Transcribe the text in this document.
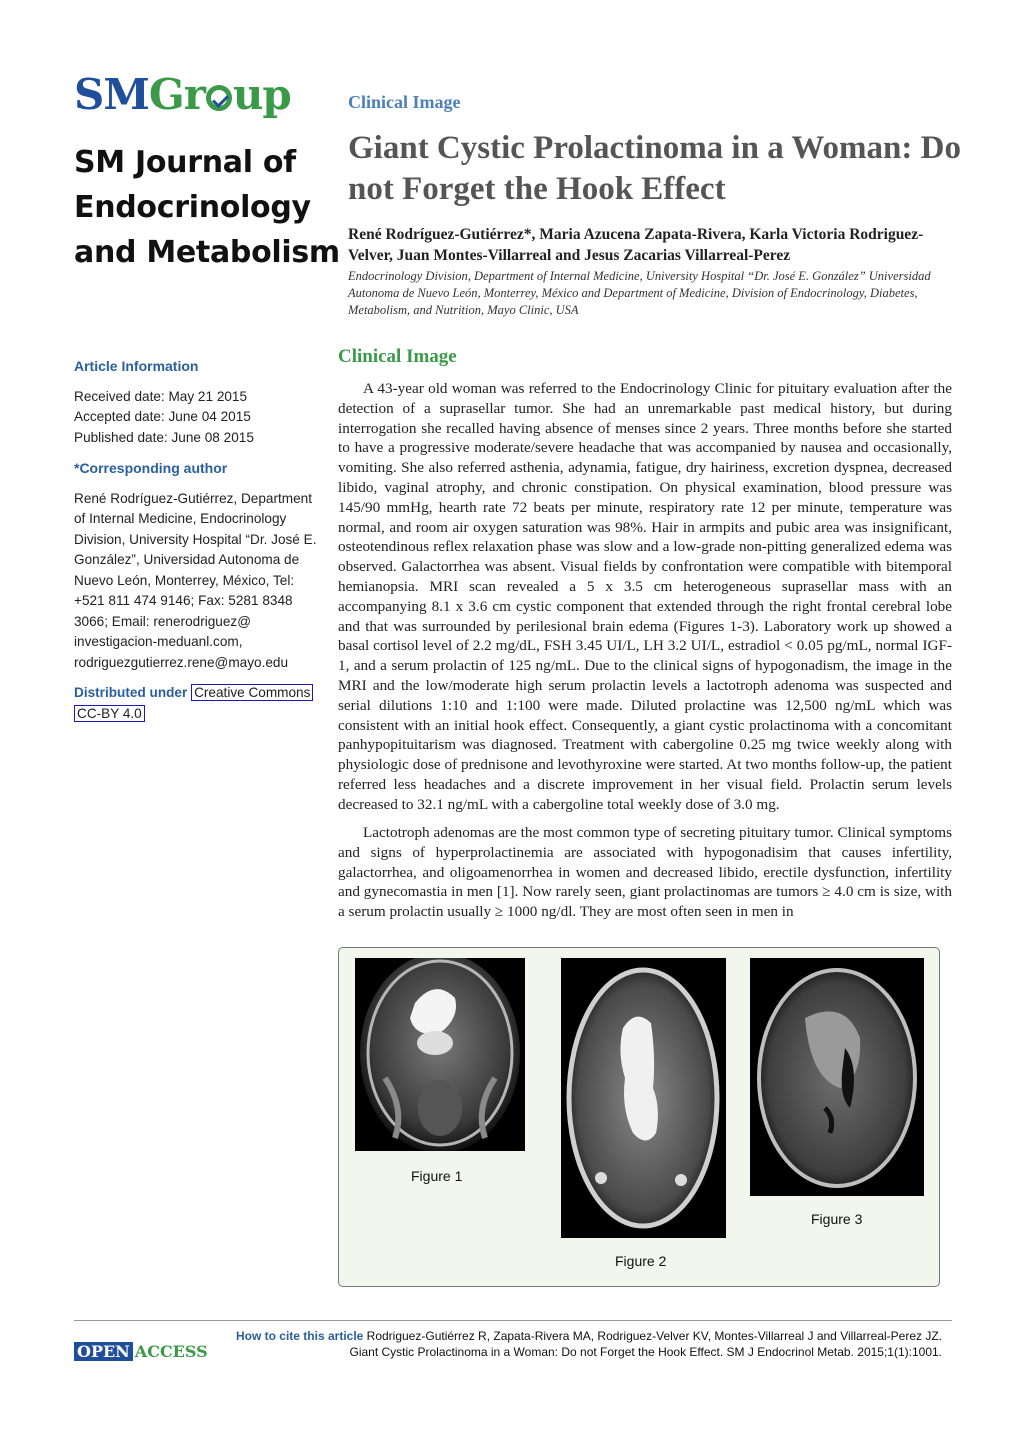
SMGr up
SM Journal of Endocrinology and Metabolism
Clinical Image
Giant Cystic Prolactinoma in a Woman: Do not Forget the Hook Effect
René Rodríguez-Gutiérrez*, Maria Azucena Zapata-Rivera, Karla Victoria Rodriguez-Velver, Juan Montes-Villarreal and Jesus Zacarias Villarreal-Perez
Endocrinology Division, Department of Internal Medicine, University Hospital “Dr. José E. González” Universidad Autonoma de Nuevo León, Monterrey, México and Department of Medicine, Division of Endocrinology, Diabetes, Metabolism, and Nutrition, Mayo Clinic, USA
Article Information
Received date: May 21 2015
Accepted date: June 04 2015
Published date: June 08 2015
*Corresponding author
René Rodríguez-Gutiérrez, Department of Internal Medicine, Endocrinology Division, University Hospital “Dr. José E. González”, Universidad Autonoma de Nuevo León, Monterrey, México, Tel: +521 811 474 9146; Fax: 5281 8348 3066; Email: renerodriguez@ investigacion-meduanl.com, rodriguezgutierrez.rene@mayo.edu
Distributed under Creative Commons
CC-BY 4.0
Clinical Image

A 43-year old woman was referred to the Endocrinology Clinic for pituitary evaluation after the detection of a suprasellar tumor. She had an unremarkable past medical history, but during interrogation she recalled having absence of menses since 2 years. Three months before she started to have a progressive moderate/severe headache that was accompanied by nausea and occasionally, vomiting. She also referred asthenia, adynamia, fatigue, dry hairiness, excretion dyspnea, decreased libido, vaginal atrophy, and chronic constipation. On physical examination, blood pressure was 145/90 mmHg, hearth rate 72 beats per minute, respiratory rate 12 per minute, temperature was normal, and room air oxygen saturation was 98%. Hair in armpits and pubic area was insignificant, osteotendinous reflex relaxation phase was slow and a low-grade non-pitting generalized edema was observed. Galactorrhea was absent. Visual fields by confrontation were compatible with bitemporal hemianopsia. MRI scan revealed a 5 x 3.5 cm heterogeneous suprasellar mass with an accompanying 8.1 x 3.6 cm cystic component that extended through the right frontal cerebral lobe and that was surrounded by perilesional brain edema (Figures 1-3). Laboratory work up showed a basal cortisol level of 2.2 mg/dL, FSH 3.45 UI/L, LH 3.2 UI/L, estradiol < 0.05 pg/mL, normal IGF-1, and a serum prolactin of 125 ng/mL. Due to the clinical signs of hypogonadism, the image in the MRI and the low/moderate high serum prolactin levels a lactotroph adenoma was suspected and serial dilutions 1:10 and 1:100 were made. Diluted prolactine was 12,500 ng/mL which was consistent with an initial hook effect. Consequently, a giant cystic prolactinoma with a concomitant panhypopituitarism was diagnosed. Treatment with cabergoline 0.25 mg twice weekly along with physiologic dose of prednisone and levothyroxine were started. At two months follow-up, the patient referred less headaches and a discrete improvement in her visual field. Prolactin serum levels decreased to 32.1 ng/mL with a cabergoline total weekly dose of 3.0 mg.

Lactotroph adenomas are the most common type of secreting pituitary tumor. Clinical symptoms and signs of hyperprolactinemia are associated with hypogonadisim that causes infertility, galactorrhea, and oligoamenorrhea in women and decreased libido, erectile dysfunction, infertility and gynecomastia in men [1]. Now rarely seen, giant prolactinomas are tumors ≥ 4.0 cm is size, with a serum prolactin usually ≥ 1000 ng/dl. They are most often seen in men in

Figure 1
Figure 2
Figure 3
OPEN ACCESS
How to cite this article Rodriguez-Gutiérrez R, Zapata-Rivera MA, Rodriguez-Velver KV, Montes-Villarreal J and Villarreal-Perez JZ. Giant Cystic Prolactinoma in a Woman: Do not Forget the Hook Effect. SM J Endocrinol Metab. 2015;1(1):1001.
